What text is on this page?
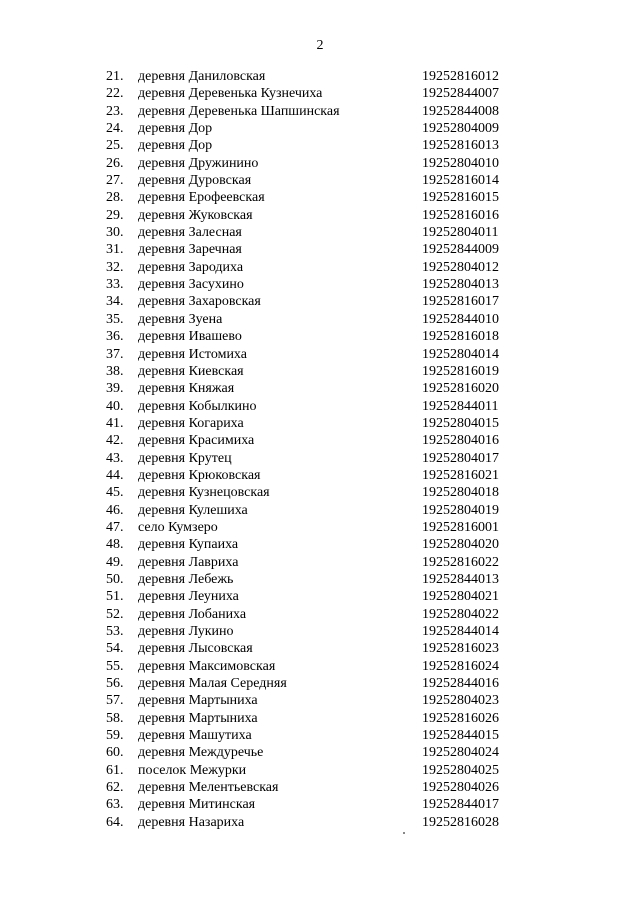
2
21. деревня Даниловская	19252816012
22. деревня Деревенька Кузнечиха	19252844007
23. деревня Деревенька Шапшинская	19252844008
24. деревня Дор	19252804009
25. деревня Дор	19252816013
26. деревня Дружинино	19252804010
27. деревня Дуровская	19252816014
28. деревня Ерофеевская	19252816015
29. деревня Жуковская	19252816016
30. деревня Залесная	19252804011
31. деревня Заречная	19252844009
32. деревня Зародиха	19252804012
33. деревня Засухино	19252804013
34. деревня Захаровская	19252816017
35. деревня Зуена	19252844010
36. деревня Ивашево	19252816018
37. деревня Истомиха	19252804014
38. деревня Киевская	19252816019
39. деревня Княжая	19252816020
40. деревня Кобылкино	19252844011
41. деревня Когариха	19252804015
42. деревня Красимиха	19252804016
43. деревня Крутец	19252804017
44. деревня Крюковская	19252816021
45. деревня Кузнецовская	19252804018
46. деревня Кулешиха	19252804019
47. село Кумзеро	19252816001
48. деревня Купаиха	19252804020
49. деревня Лавриха	19252816022
50. деревня Лебежь	19252844013
51. деревня Леуниха	19252804021
52. деревня Лобаниха	19252804022
53. деревня Лукино	19252844014
54. деревня Лысовская	19252816023
55. деревня Максимовская	19252816024
56. деревня Малая Середняя	19252844016
57. деревня Мартыниха	19252804023
58. деревня Мартыниха	19252816026
59. деревня Машутиха	19252844015
60. деревня Междуречье	19252804024
61. поселок Межурки	19252804025
62. деревня Мелентьевская	19252804026
63. деревня Митинская	19252844017
64. деревня Назариха	19252816028
